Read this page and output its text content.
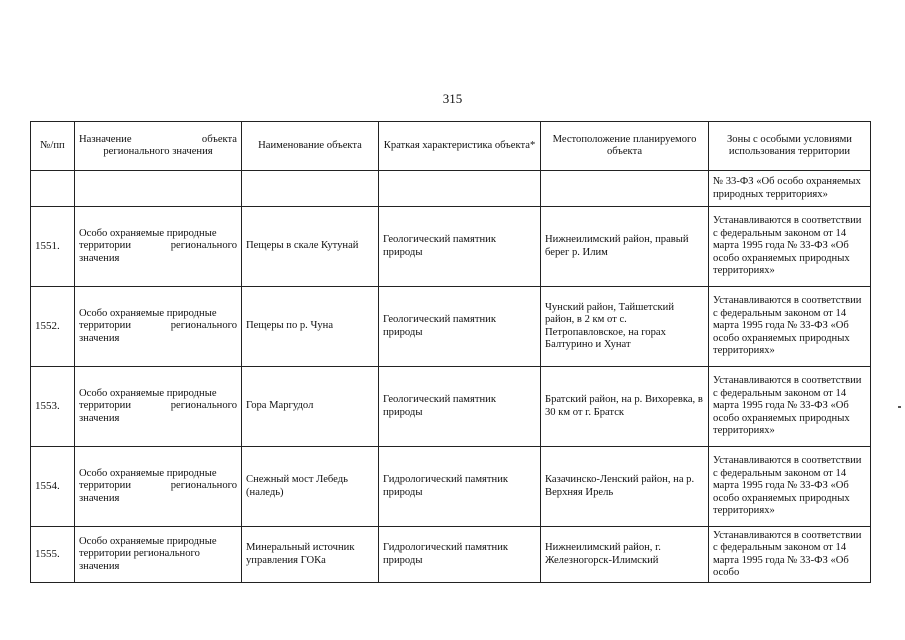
315
№/пп	Назначение объекта
регионального значения	Наименование объекта	Краткая характеристика объекта*	Местоположение планируемого объекта	Зоны с особыми условиями использования территории
					№ 33-ФЗ «Об особо охраняемых природных территориях»
1551.	Особо охраняемые природные
территории регионального
значения	Пещеры в скале Кутунай	Геологический памятник природы	Нижнеилимский район, правый берег р. Илим	Устанавливаются в соответствии с федеральным законом от 14 марта 1995 года № 33-ФЗ «Об особо охраняемых природных территориях»
1552.	Особо охраняемые природные
территории регионального
значения	Пещеры по р. Чуна	Геологический памятник природы	Чунский район, Тайшетский район, в 2 км от с. Петропавловское, на горах Балтурино и Хунат	Устанавливаются в соответствии с федеральным законом от 14 марта 1995 года № 33-ФЗ «Об особо охраняемых природных территориях»
1553.	Особо охраняемые природные
территории регионального
значения	Гора Маргудол	Геологический памятник природы	Братский район, на р. Вихоревка, в 30 км от г. Братск	Устанавливаются в соответствии с федеральным законом от 14 марта 1995 года № 33-ФЗ «Об особо охраняемых природных территориях»
1554.	Особо охраняемые природные
территории регионального
значения	Снежный мост Лебедь (наледь)	Гидрологический памятник природы	Казачинско-Ленский район, на р. Верхняя Ирель	Устанавливаются в соответствии с федеральным законом от 14 марта 1995 года № 33-ФЗ «Об особо охраняемых природных территориях»
1555.	Особо охраняемые природные
территории регионального
значения	Минеральный источник управления ГОКа	Гидрологический памятник природы	Нижнеилимский район, г. Железногорск-Илимский	Устанавливаются в соответствии с федеральным законом от 14 марта 1995 года № 33-ФЗ «Об особо
